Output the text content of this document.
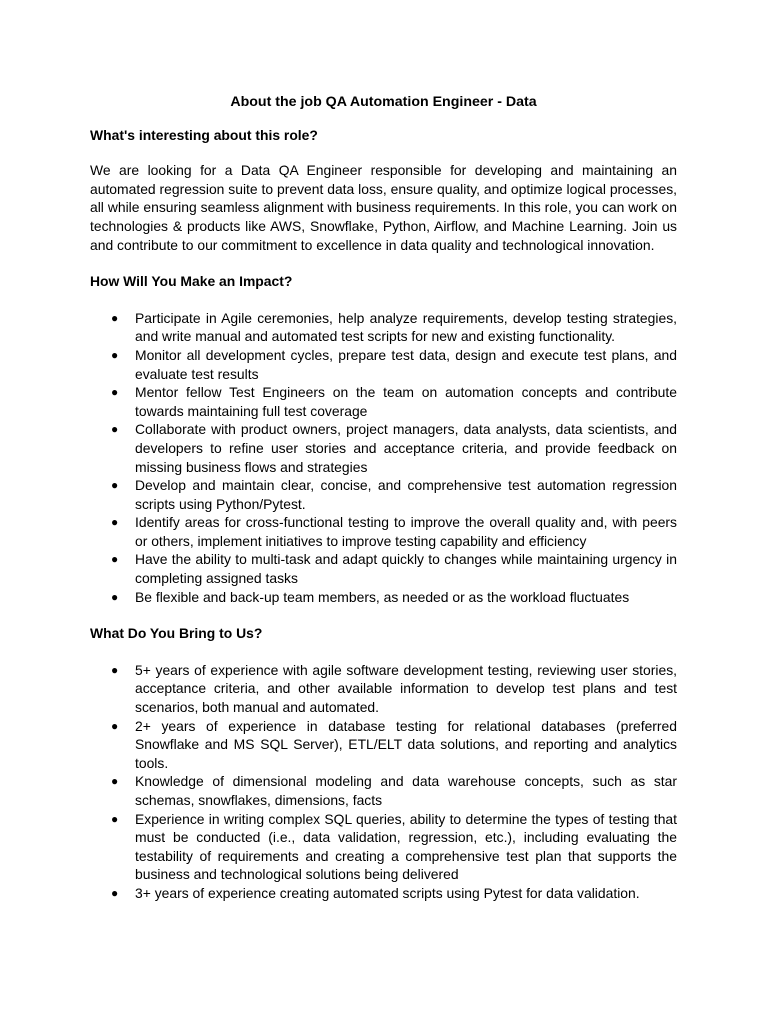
About the job QA Automation Engineer - Data
What's interesting about this role?

We are looking for a Data QA Engineer responsible for developing and maintaining an automated regression suite to prevent data loss, ensure quality, and optimize logical processes, all while ensuring seamless alignment with business requirements. In this role, you can work on technologies & products like AWS, Snowflake, Python, Airflow, and Machine Learning. Join us and contribute to our commitment to excellence in data quality and technological innovation.

How Will You Make an Impact?
● Participate in Agile ceremonies, help analyze requirements, develop testing strategies, and write manual and automated test scripts for new and existing functionality.
● Monitor all development cycles, prepare test data, design and execute test plans, and evaluate test results
● Mentor fellow Test Engineers on the team on automation concepts and contribute towards maintaining full test coverage
● Collaborate with product owners, project managers, data analysts, data scientists, and developers to refine user stories and acceptance criteria, and provide feedback on missing business flows and strategies
● Develop and maintain clear, concise, and comprehensive test automation regression scripts using Python/Pytest.
● Identify areas for cross-functional testing to improve the overall quality and, with peers or others, implement initiatives to improve testing capability and efficiency
● Have the ability to multi-task and adapt quickly to changes while maintaining urgency in completing assigned tasks
● Be flexible and back-up team members, as needed or as the workload fluctuates
What Do You Bring to Us?
● 5+ years of experience with agile software development testing, reviewing user stories, acceptance criteria, and other available information to develop test plans and test scenarios, both manual and automated.
● 2+ years of experience in database testing for relational databases (preferred Snowflake and MS SQL Server), ETL/ELT data solutions, and reporting and analytics tools.
● Knowledge of dimensional modeling and data warehouse concepts, such as star schemas, snowflakes, dimensions, facts
● Experience in writing complex SQL queries, ability to determine the types of testing that must be conducted (i.e., data validation, regression, etc.), including evaluating the testability of requirements and creating a comprehensive test plan that supports the business and technological solutions being delivered
● 3+ years of experience creating automated scripts using Pytest for data validation.
